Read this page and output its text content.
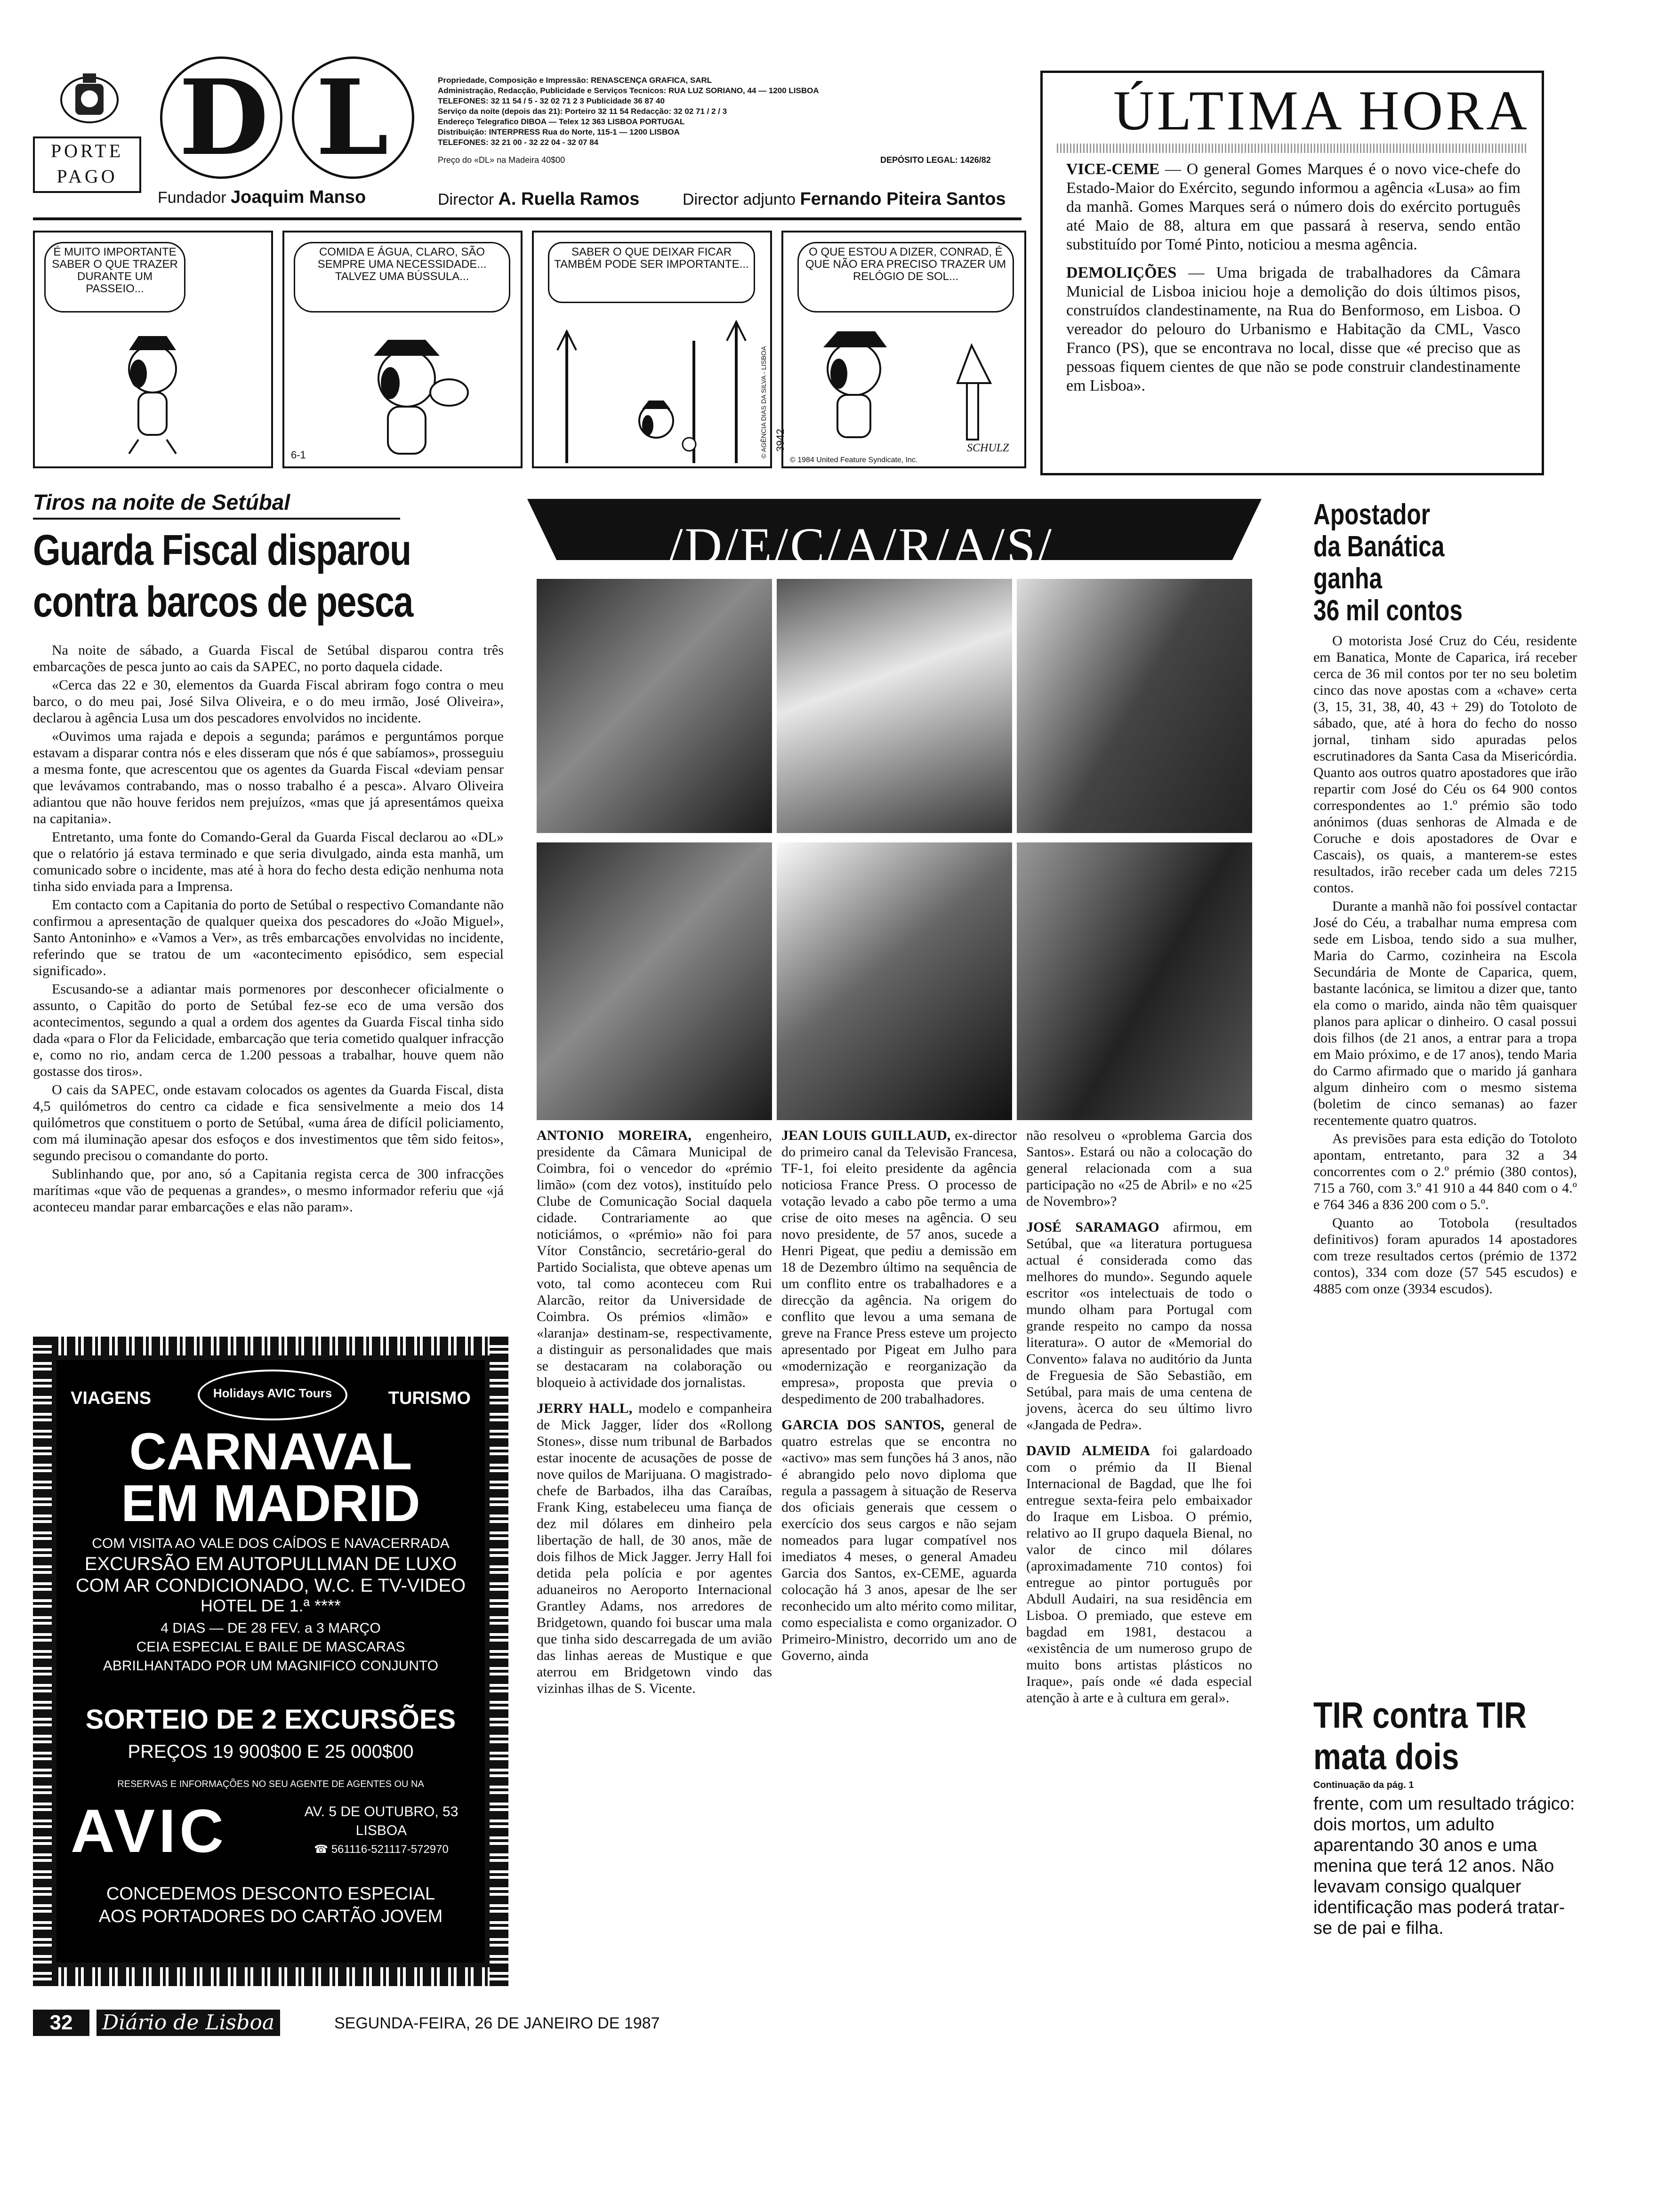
PORTE
PAGO DL
Fundador Joaquim Manso
Propriedade, Composição e Impressão: RENASCENÇA GRAFICA, SARL
Administração, Redacção, Publicidade e Serviços Tecnicos: RUA LUZ SORIANO, 44 — 1200 LISBOA
TELEFONES: 32 11 54 / 5 - 32 02 71 2 3 Publicidade 36 87 40
Serviço da noite (depois das 21): Porteiro 32 11 54 Redacção: 32 02 71 / 2 / 3
Endereço Telegrafico DIBOA — Telex 12 363 LISBOA PORTUGAL
Distribuição: INTERPRESS Rua do Norte, 115-1 — 1200 LISBOA
TELEFONES: 32 21 00 - 32 22 04 - 32 07 84
Preço do «DL» na Madeira 40$00	DEPÓSITO LEGAL: 1426/82
Director A. Ruella Ramos	Director adjunto Fernando Piteira Santos
ÚLTIMA HORA

VICE-CEME — O general Gomes Marques é o novo vice-chefe do Estado-Maior do Exército, segundo informou a agência «Lusa» ao fim da manhã. Gomes Marques será o número dois do exército português até Maio de 88, altura em que passará à reserva, sendo então substituído por Tomé Pinto, noticiou a mesma agência.

DEMOLIÇÕES — Uma brigada de trabalhadores da Câmara Municial de Lisboa iniciou hoje a demolição do dois últimos pisos, construídos clandestinamente, na Rua do Benformoso, em Lisboa. O vereador do pelouro do Urbanismo e Habitação da CML, Vasco Franco (PS), que se encontrava no local, disse que «é preciso que as pessoas fiquem cientes de que não se pode construir clandestinamente em Lisboa».

É MUITO IMPORTANTE SABER O QUE TRAZER DURANTE UM PASSEIO...
COMIDA E ÁGUA, CLARO, SÃO SEMPRE UMA NECESSIDADE... TALVEZ UMA BÚSSULA...
6-1
SABER O QUE DEIXAR FICAR TAMBÉM PODE SER IMPORTANTE...
© AGÊNCIA DIAS DA SILVA - LISBOA
O QUE ESTOU A DIZER, CONRAD, É QUE NÃO ERA PRECISO TRAZER UM RELÓGIO DE SOL...
SCHULZ
© 1984 United Feature Syndicate, Inc.
3942
Tiros na noite de Setúbal
Guarda Fiscal disparou
contra barcos de pesca

Na noite de sábado, a Guarda Fiscal de Setúbal disparou contra três embarcações de pesca junto ao cais da SAPEC, no porto daquela cidade.

«Cerca das 22 e 30, elementos da Guarda Fiscal abriram fogo contra o meu barco, o do meu pai, José Silva Oliveira, e o do meu irmão, José Oliveira», declarou à agência Lusa um dos pescadores envolvidos no incidente.

«Ouvimos uma rajada e depois a segunda; parámos e perguntámos porque estavam a disparar contra nós e eles disseram que nós é que sabíamos», prosseguiu a mesma fonte, que acrescentou que os agentes da Guarda Fiscal «deviam pensar que levávamos contrabando, mas o nosso trabalho é a pesca». Alvaro Oliveira adiantou que não houve feridos nem prejuízos, «mas que já apresentámos queixa na capitania».

Entretanto, uma fonte do Comando-Geral da Guarda Fiscal declarou ao «DL» que o relatório já estava terminado e que seria divulgado, ainda esta manhã, um comunicado sobre o incidente, mas até à hora do fecho desta edição nenhuma nota tinha sido enviada para a Imprensa.

Em contacto com a Capitania do porto de Setúbal o respectivo Comandante não confirmou a apresentação de qualquer queixa dos pescadores do «João Miguel», Santo Antoninho» e «Vamos a Ver», as três embarcações envolvidas no incidente, referindo que se tratou de um «acontecimento episódico, sem especial significado».

Escusando-se a adiantar mais pormenores por desconhecer oficialmente o assunto, o Capitão do porto de Setúbal fez-se eco de uma versão dos acontecimentos, segundo a qual a ordem dos agentes da Guarda Fiscal tinha sido dada «para o Flor da Felicidade, embarcação que teria cometido qualquer infracção e, como no rio, andam cerca de 1.200 pessoas a trabalhar, houve quem não gostasse dos tiros».

O cais da SAPEC, onde estavam colocados os agentes da Guarda Fiscal, dista 4,5 quilómetros do centro ca cidade e fica sensivelmente a meio dos 14 quilómetros que constituem o porto de Setúbal, «uma área de difícil policiamento, com má iluminação apesar dos esfoços e dos investimentos que têm sido feitos», segundo precisou o comandante do porto.

Sublinhando que, por ano, só a Capitania regista cerca de 300 infracções marítimas «que vão de pequenas a grandes», o mesmo informador referiu que «já aconteceu mandar parar embarcações e elas não param».

VIAGENS	TURISMO
Holidays AVIC Tours
CARNAVAL
EM MADRID
COM VISITA AO VALE DOS CAÍDOS E NAVACERRADA
EXCURSÃO EM AUTOPULLMAN DE LUXO
COM AR CONDICIONADO, W.C. E TV-VIDEO
HOTEL DE 1.ª ****
4 DIAS — DE 28 FEV. a 3 MARÇO
CEIA ESPECIAL E BAILE DE MASCARAS
ABRILHANTADO POR UM MAGNIFICO CONJUNTO
SORTEIO DE 2 EXCURSÕES
PREÇOS 19 900$00 E 25 000$00
RESERVAS E INFORMAÇÕES NO SEU AGENTE DE AGENTES OU NA
AVIC	AV. 5 DE OUTUBRO, 53
LISBOA
☎ 561116-521117-572970
CONCEDEMOS DESCONTO ESPECIAL
AOS PORTADORES DO CARTÃO JOVEM
/D/E/C/A/R/A/S/

ANTONIO MOREIRA, engenheiro, presidente da Câmara Municipal de Coimbra, foi o vencedor do «prémio limão» (com dez votos), instituído pelo Clube de Comunicação Social daquela cidade. Contrariamente ao que noticiámos, o «prémio» não foi para Vítor Constâncio, secretário-geral do Partido Socialista, que obteve apenas um voto, tal como aconteceu com Rui Alarcão, reitor da Universidade de Coimbra. Os prémios «limão» e «laranja» destinam-se, respectivamente, a distinguir as personalidades que mais se destacaram na colaboração ou bloqueio à actividade dos jornalistas.

JERRY HALL, modelo e companheira de Mick Jagger, líder dos «Rollong Stones», disse num tribunal de Barbados estar inocente de acusações de posse de nove quilos de Marijuana. O magistrado-chefe de Barbados, ilha das Caraíbas, Frank King, estabeleceu uma fiança de dez mil dólares em dinheiro pela libertação de hall, de 30 anos, mãe de dois filhos de Mick Jagger. Jerry Hall foi detida pela polícia e por agentes aduaneiros no Aeroporto Internacional Grantley Adams, nos arredores de Bridgetown, quando foi buscar uma mala que tinha sido descarregada de um avião das linhas aereas de Mustique e que aterrou em Bridgetown vindo das vizinhas ilhas de S. Vicente.

JEAN LOUIS GUILLAUD, ex-director do primeiro canal da Televisão Francesa, TF-1, foi eleito presidente da agência noticiosa France Press. O processo de votação levado a cabo põe termo a uma crise de oito meses na agência. O seu novo presidente, de 57 anos, sucede a Henri Pigeat, que pediu a demissão em 18 de Dezembro último na sequência de um conflito entre os trabalhadores e a direcção da agência. Na origem do conflito que levou a uma semana de greve na France Press esteve um projecto apresentado por Pigeat em Julho para «modernização e reorganização da empresa», proposta que previa o despedimento de 200 trabalhadores.

GARCIA DOS SANTOS, general de quatro estrelas que se encontra no «activo» mas sem funções há 3 anos, não é abrangido pelo novo diploma que regula a passagem à situação de Reserva dos oficiais generais que cessem o exercício dos seus cargos e não sejam nomeados para lugar compatível nos imediatos 4 meses, o general Amadeu Garcia dos Santos, ex-CEME, aguarda colocação há 3 anos, apesar de lhe ser reconhecido um alto mérito como militar, como especialista e como organizador. O Primeiro-Ministro, decorrido um ano de Governo, ainda

não resolveu o «problema Garcia dos Santos». Estará ou não a colocação do general relacionada com a sua participação no «25 de Abril» e no «25 de Novembro»?

JOSÉ SARAMAGO afirmou, em Setúbal, que «a literatura portuguesa actual é considerada como das melhores do mundo». Segundo aquele escritor «os intelectuais de todo o mundo olham para Portugal com grande respeito no campo da nossa literatura». O autor de «Memorial do Convento» falava no auditório da Junta de Freguesia de São Sebastião, em Setúbal, para mais de uma centena de jovens, àcerca do seu último livro «Jangada de Pedra».

DAVID ALMEIDA foi galardoado com o prémio da II Bienal Internacional de Bagdad, que lhe foi entregue sexta-feira pelo embaixador do Iraque em Lisboa. O prémio, relativo ao II grupo daquela Bienal, no valor de cinco mil dólares (aproximadamente 710 contos) foi entregue ao pintor português por Abdull Audairi, na sua residência em Lisboa. O premiado, que esteve em bagdad em 1981, destacou a «existência de um numeroso grupo de muito bons artistas plásticos no Iraque», país onde «é dada especial atenção à arte e à cultura em geral».

Apostador
da Banática
ganha
36 mil contos

O motorista José Cruz do Céu, residente em Banatica, Monte de Caparica, irá receber cerca de 36 mil contos por ter no seu boletim cinco das nove apostas com a «chave» certa (3, 15, 31, 38, 40, 43 + 29) do Totoloto de sábado, que, até à hora do fecho do nosso jornal, tinham sido apuradas pelos escrutinadores da Santa Casa da Misericórdia. Quanto aos outros quatro apostadores que irão repartir com José do Céu os 64 900 contos correspondentes ao 1.º prémio são todo anónimos (duas senhoras de Almada e de Coruche e dois apostadores de Ovar e Cascais), os quais, a manterem-se estes resultados, irão receber cada um deles 7215 contos.

Durante a manhã não foi possível contactar José do Céu, a trabalhar numa empresa com sede em Lisboa, tendo sido a sua mulher, Maria do Carmo, cozinheira na Escola Secundária de Monte de Caparica, quem, bastante lacónica, se limitou a dizer que, tanto ela como o marido, ainda não têm quaisquer planos para aplicar o dinheiro. O casal possui dois filhos (de 21 anos, a entrar para a tropa em Maio próximo, e de 17 anos), tendo Maria do Carmo afirmado que o marido já ganhara algum dinheiro com o mesmo sistema (boletim de cinco semanas) ao fazer recentemente quatro quatros.

As previsões para esta edição do Totoloto apontam, entretanto, para 32 a 34 concorrentes com o 2.º prémio (380 contos), 715 a 760, com 3.º 41 910 a 44 840 com o 4.º e 764 346 a 836 200 com o 5.º.

Quanto ao Totobola (resultados definitivos) foram apurados 14 apostadores com treze resultados certos (prémio de 1372 contos), 334 com doze (57 545 escudos) e 4885 com onze (3934 escudos).

TIR contra TIR
mata dois
Continuação da pág. 1
frente, com um resultado trágico: dois mortos, um adulto aparentando 30 anos e uma menina que terá 12 anos. Não levavam consigo qualquer identificação mas poderá tratar-se de pai e filha.
32	Diário de Lisboa	SEGUNDA-FEIRA, 26 DE JANEIRO DE 1987
